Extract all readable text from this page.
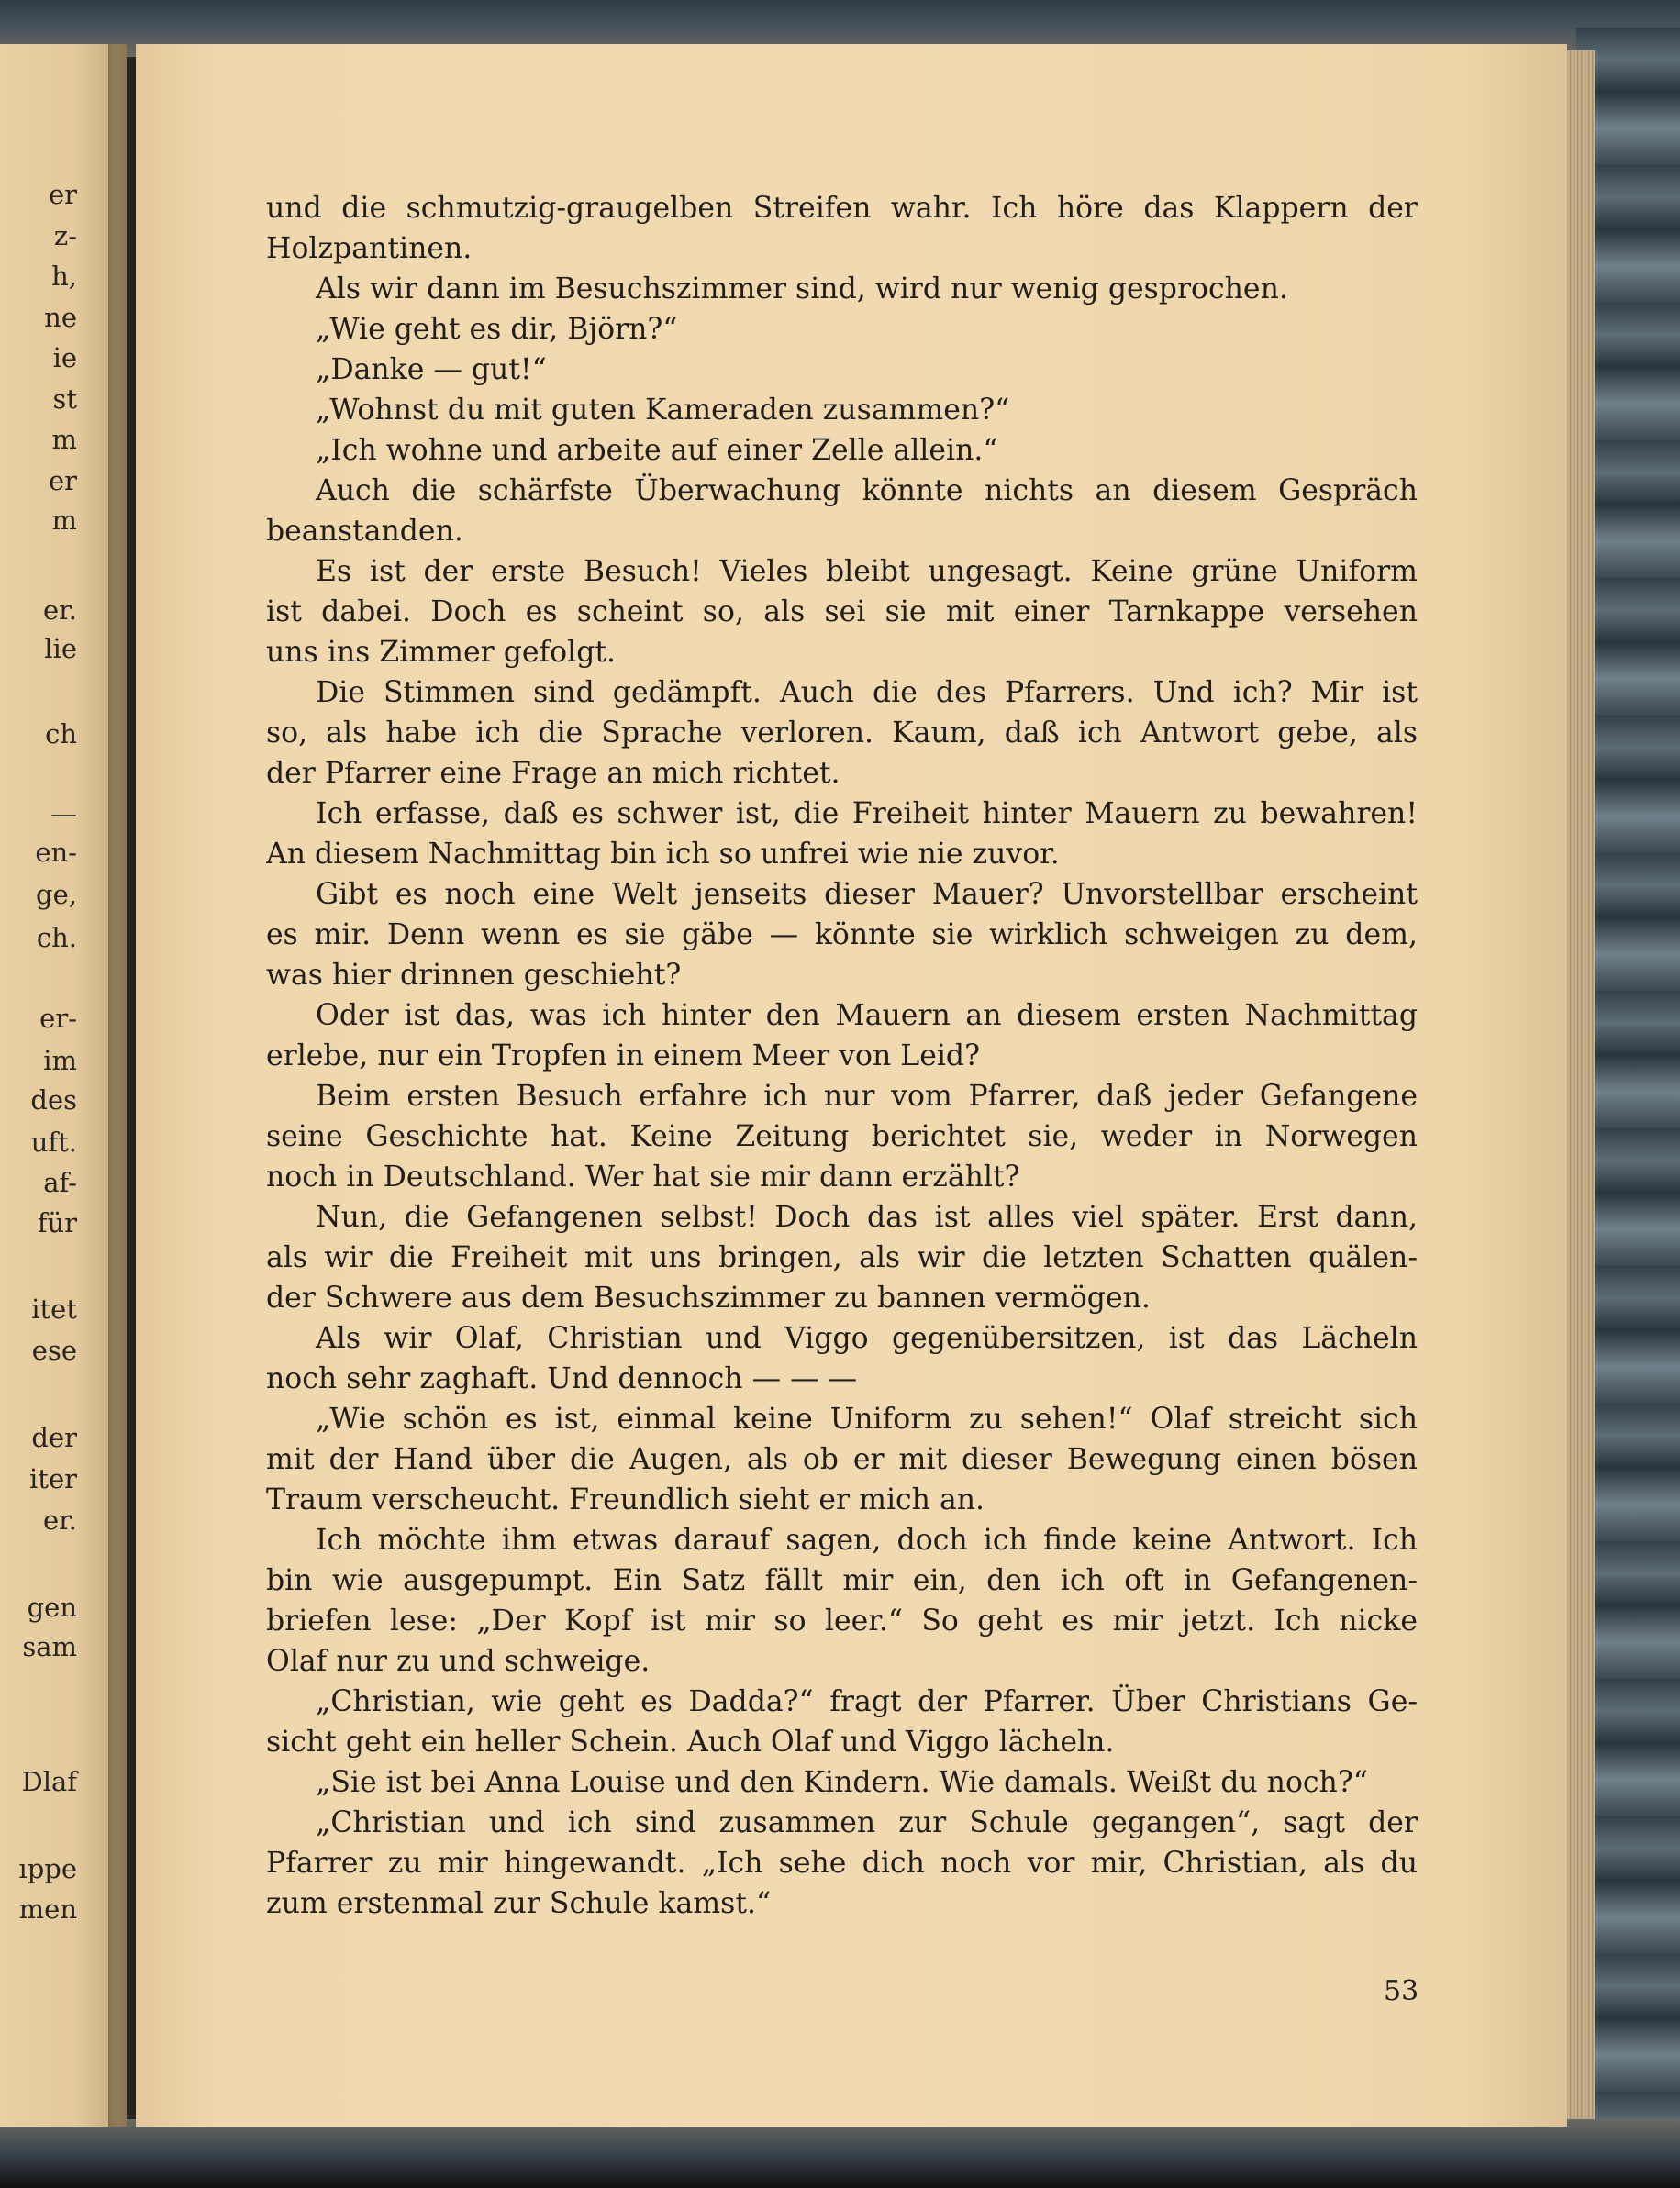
er
z-
h,
ne
ie
st
m
er
m
er.
lie
ch
—
en-
ge,
ch.
er-
im
des
uft.
af-
für
itet
ese
der
iter
er.
gen
sam
Dlaf
ıppe
men
und die schmutzig-graugelben Streifen wahr. Ich höre das Klappern der
Holzpantinen.
Als wir dann im Besuchszimmer sind, wird nur wenig gesprochen.
„Wie geht es dir, Björn?“
„Danke — gut!“
„Wohnst du mit guten Kameraden zusammen?“
„Ich wohne und arbeite auf einer Zelle allein.“
Auch die schärfste Überwachung könnte nichts an diesem Gespräch
beanstanden.
Es ist der erste Besuch! Vieles bleibt ungesagt. Keine grüne Uniform
ist dabei. Doch es scheint so, als sei sie mit einer Tarnkappe versehen
uns ins Zimmer gefolgt.
Die Stimmen sind gedämpft. Auch die des Pfarrers. Und ich? Mir ist
so, als habe ich die Sprache verloren. Kaum, daß ich Antwort gebe, als
der Pfarrer eine Frage an mich richtet.
Ich erfasse, daß es schwer ist, die Freiheit hinter Mauern zu bewahren!
An diesem Nachmittag bin ich so unfrei wie nie zuvor.
Gibt es noch eine Welt jenseits dieser Mauer? Unvorstellbar erscheint
es mir. Denn wenn es sie gäbe — könnte sie wirklich schweigen zu dem,
was hier drinnen geschieht?
Oder ist das, was ich hinter den Mauern an diesem ersten Nachmittag
erlebe, nur ein Tropfen in einem Meer von Leid?
Beim ersten Besuch erfahre ich nur vom Pfarrer, daß jeder Gefangene
seine Geschichte hat. Keine Zeitung berichtet sie, weder in Norwegen
noch in Deutschland. Wer hat sie mir dann erzählt?
Nun, die Gefangenen selbst! Doch das ist alles viel später. Erst dann,
als wir die Freiheit mit uns bringen, als wir die letzten Schatten quälen-
der Schwere aus dem Besuchszimmer zu bannen vermögen.
Als wir Olaf, Christian und Viggo gegenübersitzen, ist das Lächeln
noch sehr zaghaft. Und dennoch — — —
„Wie schön es ist, einmal keine Uniform zu sehen!“ Olaf streicht sich
mit der Hand über die Augen, als ob er mit dieser Bewegung einen bösen
Traum verscheucht. Freundlich sieht er mich an.
Ich möchte ihm etwas darauf sagen, doch ich finde keine Antwort. Ich
bin wie ausgepumpt. Ein Satz fällt mir ein, den ich oft in Gefangenen-
briefen lese: „Der Kopf ist mir so leer.“ So geht es mir jetzt. Ich nicke
Olaf nur zu und schweige.
„Christian, wie geht es Dadda?“ fragt der Pfarrer. Über Christians Ge-
sicht geht ein heller Schein. Auch Olaf und Viggo lächeln.
„Sie ist bei Anna Louise und den Kindern. Wie damals. Weißt du noch?“
„Christian und ich sind zusammen zur Schule gegangen“, sagt der
Pfarrer zu mir hingewandt. „Ich sehe dich noch vor mir, Christian, als du
zum erstenmal zur Schule kamst.“
53
